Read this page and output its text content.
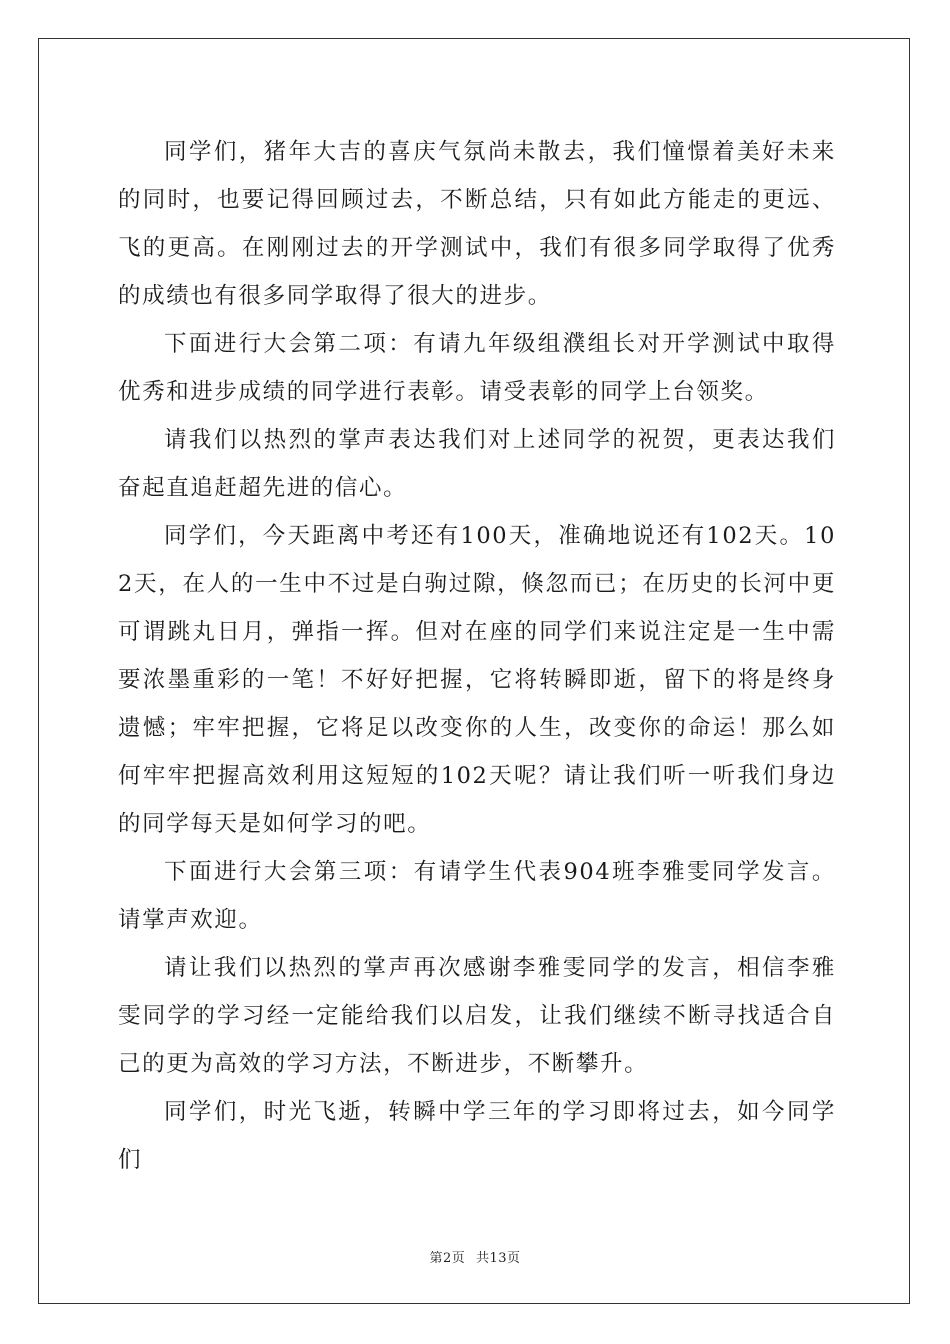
同学们，猪年大吉的喜庆气氛尚未散去，我们憧憬着美好未来的同时，也要记得回顾过去，不断总结，只有如此方能走的更远、飞的更高。在刚刚过去的开学测试中，我们有很多同学取得了优秀的成绩也有很多同学取得了很大的进步。

下面进行大会第二项：有请九年级组濮组长对开学测试中取得优秀和进步成绩的同学进行表彰。请受表彰的同学上台领奖。

请我们以热烈的掌声表达我们对上述同学的祝贺，更表达我们奋起直追赶超先进的信心。

同学们，今天距离中考还有100天，准确地说还有102天。102天，在人的一生中不过是白驹过隙，倏忽而已；在历史的长河中更可谓跳丸日月，弹指一挥。但对在座的同学们来说注定是一生中需要浓墨重彩的一笔！不好好把握，它将转瞬即逝，留下的将是终身遗憾；牢牢把握，它将足以改变你的人生，改变你的命运！那么如何牢牢把握高效利用这短短的102天呢？请让我们听一听我们身边的同学每天是如何学习的吧。

下面进行大会第三项：有请学生代表904班李雅雯同学发言。请掌声欢迎。

请让我们以热烈的掌声再次感谢李雅雯同学的发言，相信李雅雯同学的学习经一定能给我们以启发，让我们继续不断寻找适合自己的更为高效的学习方法，不断进步，不断攀升。

同学们，时光飞逝，转瞬中学三年的学习即将过去，如今同学们

第2页 共13页
